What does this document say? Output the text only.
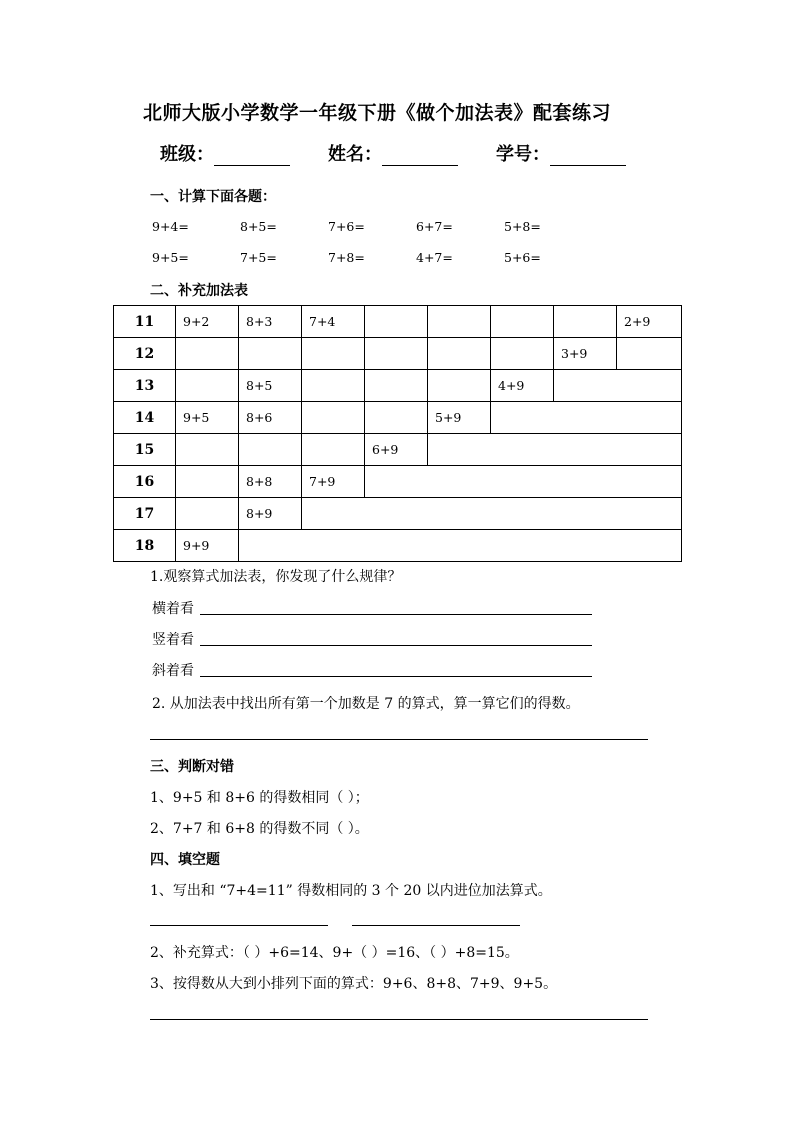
北师大版小学数学一年级下册《做个加法表》配套练习
班级：	姓名：	学号：
一、计算下面各题：
9+4=	8+5=	7+6=	6+7=	5+8=
9+5=	7+5=	7+8=	4+7=	5+6=
二、补充加法表
11	9+2	8+3	7+4					2+9
12							3+9	
13		8+5				4+9		
14	9+5	8+6			5+9			
15				6+9				
16		8+8	7+9					
17		8+9						
18	9+9							
1.观察算式加法表，你发现了什么规律？
横着看
竖着看
斜着看
2. 从加法表中找出所有第一个加数是 7 的算式，算一算它们的得数。
三、判断对错
1、9+5 和 8+6 的得数相同（ ）；
2、7+7 和 6+8 的得数不同（ ）。
四、填空题
1、写出和 “7+4=11” 得数相同的 3 个 20 以内进位加法算式。
2、补充算式：（ ）+6=14、9+（ ）=16、（ ）+8=15。
3、按得数从大到小排列下面的算式：9+6、8+8、7+9、9+5。
